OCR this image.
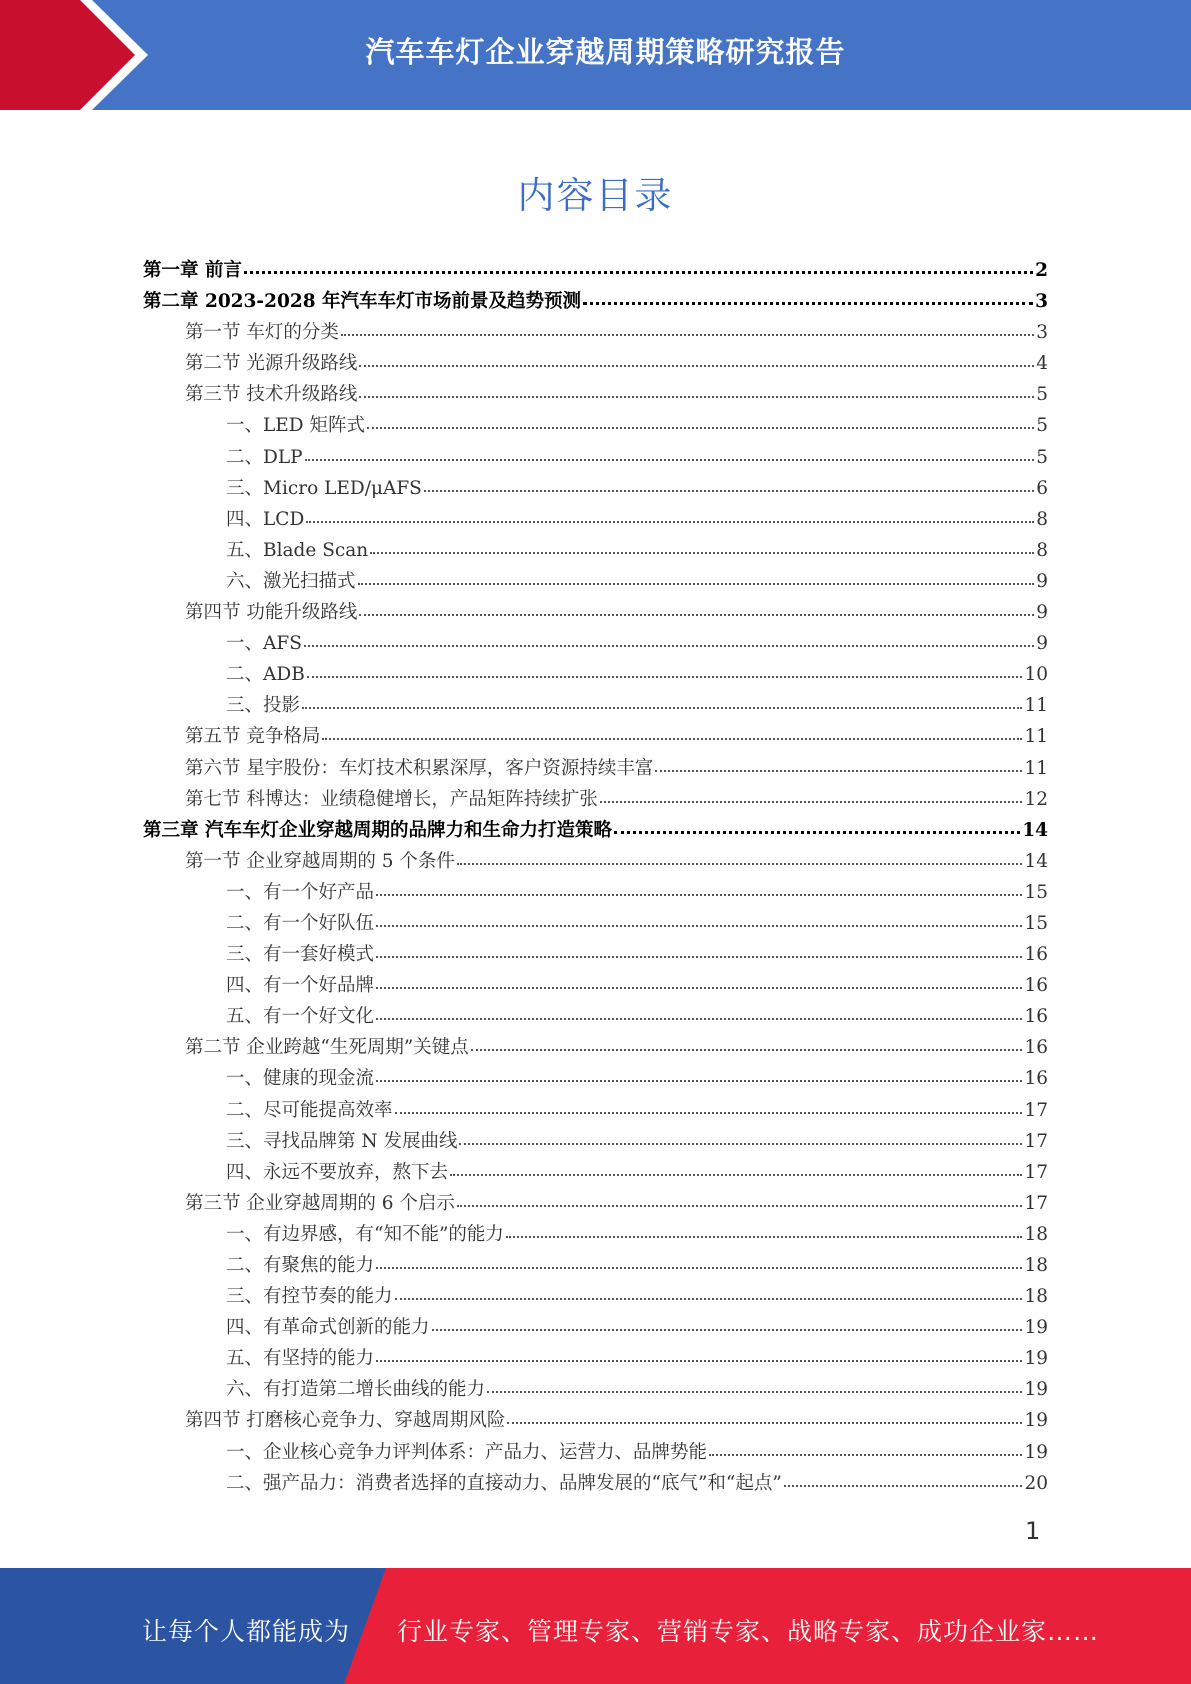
汽车车灯企业穿越周期策略研究报告
内容目录
第一章 前言	2
第二章 2023-2028 年汽车车灯市场前景及趋势预测	3
第一节 车灯的分类	3
第二节 光源升级路线	4
第三节 技术升级路线	5
一、LED 矩阵式	5
二、DLP	5
三、Micro LED/μAFS	6
四、LCD	8
五、Blade Scan	8
六、激光扫描式	9
第四节 功能升级路线	9
一、AFS	9
二、ADB	10
三、投影	11
第五节 竞争格局	11
第六节 星宇股份：车灯技术积累深厚，客户资源持续丰富	11
第七节 科博达：业绩稳健增长，产品矩阵持续扩张	12
第三章 汽车车灯企业穿越周期的品牌力和生命力打造策略	14
第一节 企业穿越周期的 5 个条件	14
一、有一个好产品	15
二、有一个好队伍	15
三、有一套好模式	16
四、有一个好品牌	16
五、有一个好文化	16
第二节 企业跨越“生死周期”关键点	16
一、健康的现金流	16
二、尽可能提高效率	17
三、寻找品牌第 N 发展曲线	17
四、永远不要放弃，熬下去	17
第三节 企业穿越周期的 6 个启示	17
一、有边界感，有“知不能”的能力	18
二、有聚焦的能力	18
三、有控节奏的能力	18
四、有革命式创新的能力	19
五、有坚持的能力	19
六、有打造第二增长曲线的能力	19
第四节 打磨核心竞争力、穿越周期风险	19
一、企业核心竞争力评判体系：产品力、运营力、品牌势能	19
二、强产品力：消费者选择的直接动力、品牌发展的“底气”和“起点”	20
1
让每个人都能成为 行业专家、管理专家、营销专家、战略专家、成功企业家……
